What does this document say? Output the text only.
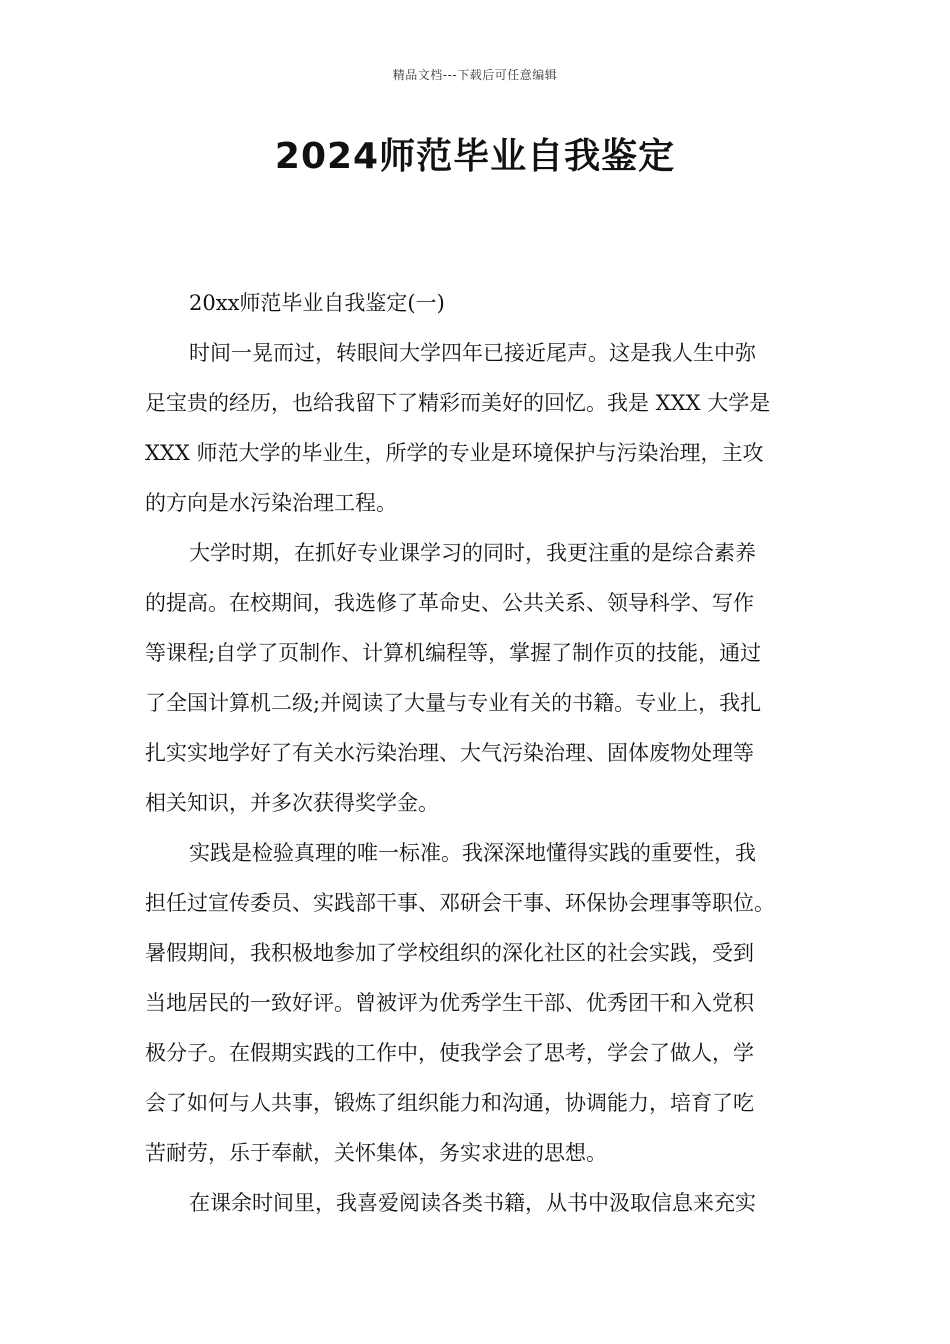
精品文档---下载后可任意编辑
2024师范毕业自我鉴定

20xx师范毕业自我鉴定(一)

时间一晃而过，转眼间大学四年已接近尾声。这是我人生中弥
足宝贵的经历，也给我留下了精彩而美好的回忆。我是 XXX 大学是
XXX 师范大学的毕业生，所学的专业是环境保护与污染治理，主攻
的方向是水污染治理工程。

大学时期，在抓好专业课学习的同时，我更注重的是综合素养
的提高。在校期间，我选修了革命史、公共关系、领导科学、写作
等课程;自学了页制作、计算机编程等，掌握了制作页的技能，通过
了全国计算机二级;并阅读了大量与专业有关的书籍。专业上，我扎
扎实实地学好了有关水污染治理、大气污染治理、固体废物处理等
相关知识，并多次获得奖学金。

实践是检验真理的唯一标准。我深深地懂得实践的重要性，我
担任过宣传委员、实践部干事、邓研会干事、环保协会理事等职位。
暑假期间，我积极地参加了学校组织的深化社区的社会实践，受到
当地居民的一致好评。曾被评为优秀学生干部、优秀团干和入党积
极分子。在假期实践的工作中，使我学会了思考，学会了做人，学
会了如何与人共事，锻炼了组织能力和沟通，协调能力，培育了吃
苦耐劳，乐于奉献，关怀集体，务实求进的思想。

在课余时间里，我喜爱阅读各类书籍，从书中汲取信息来充实
